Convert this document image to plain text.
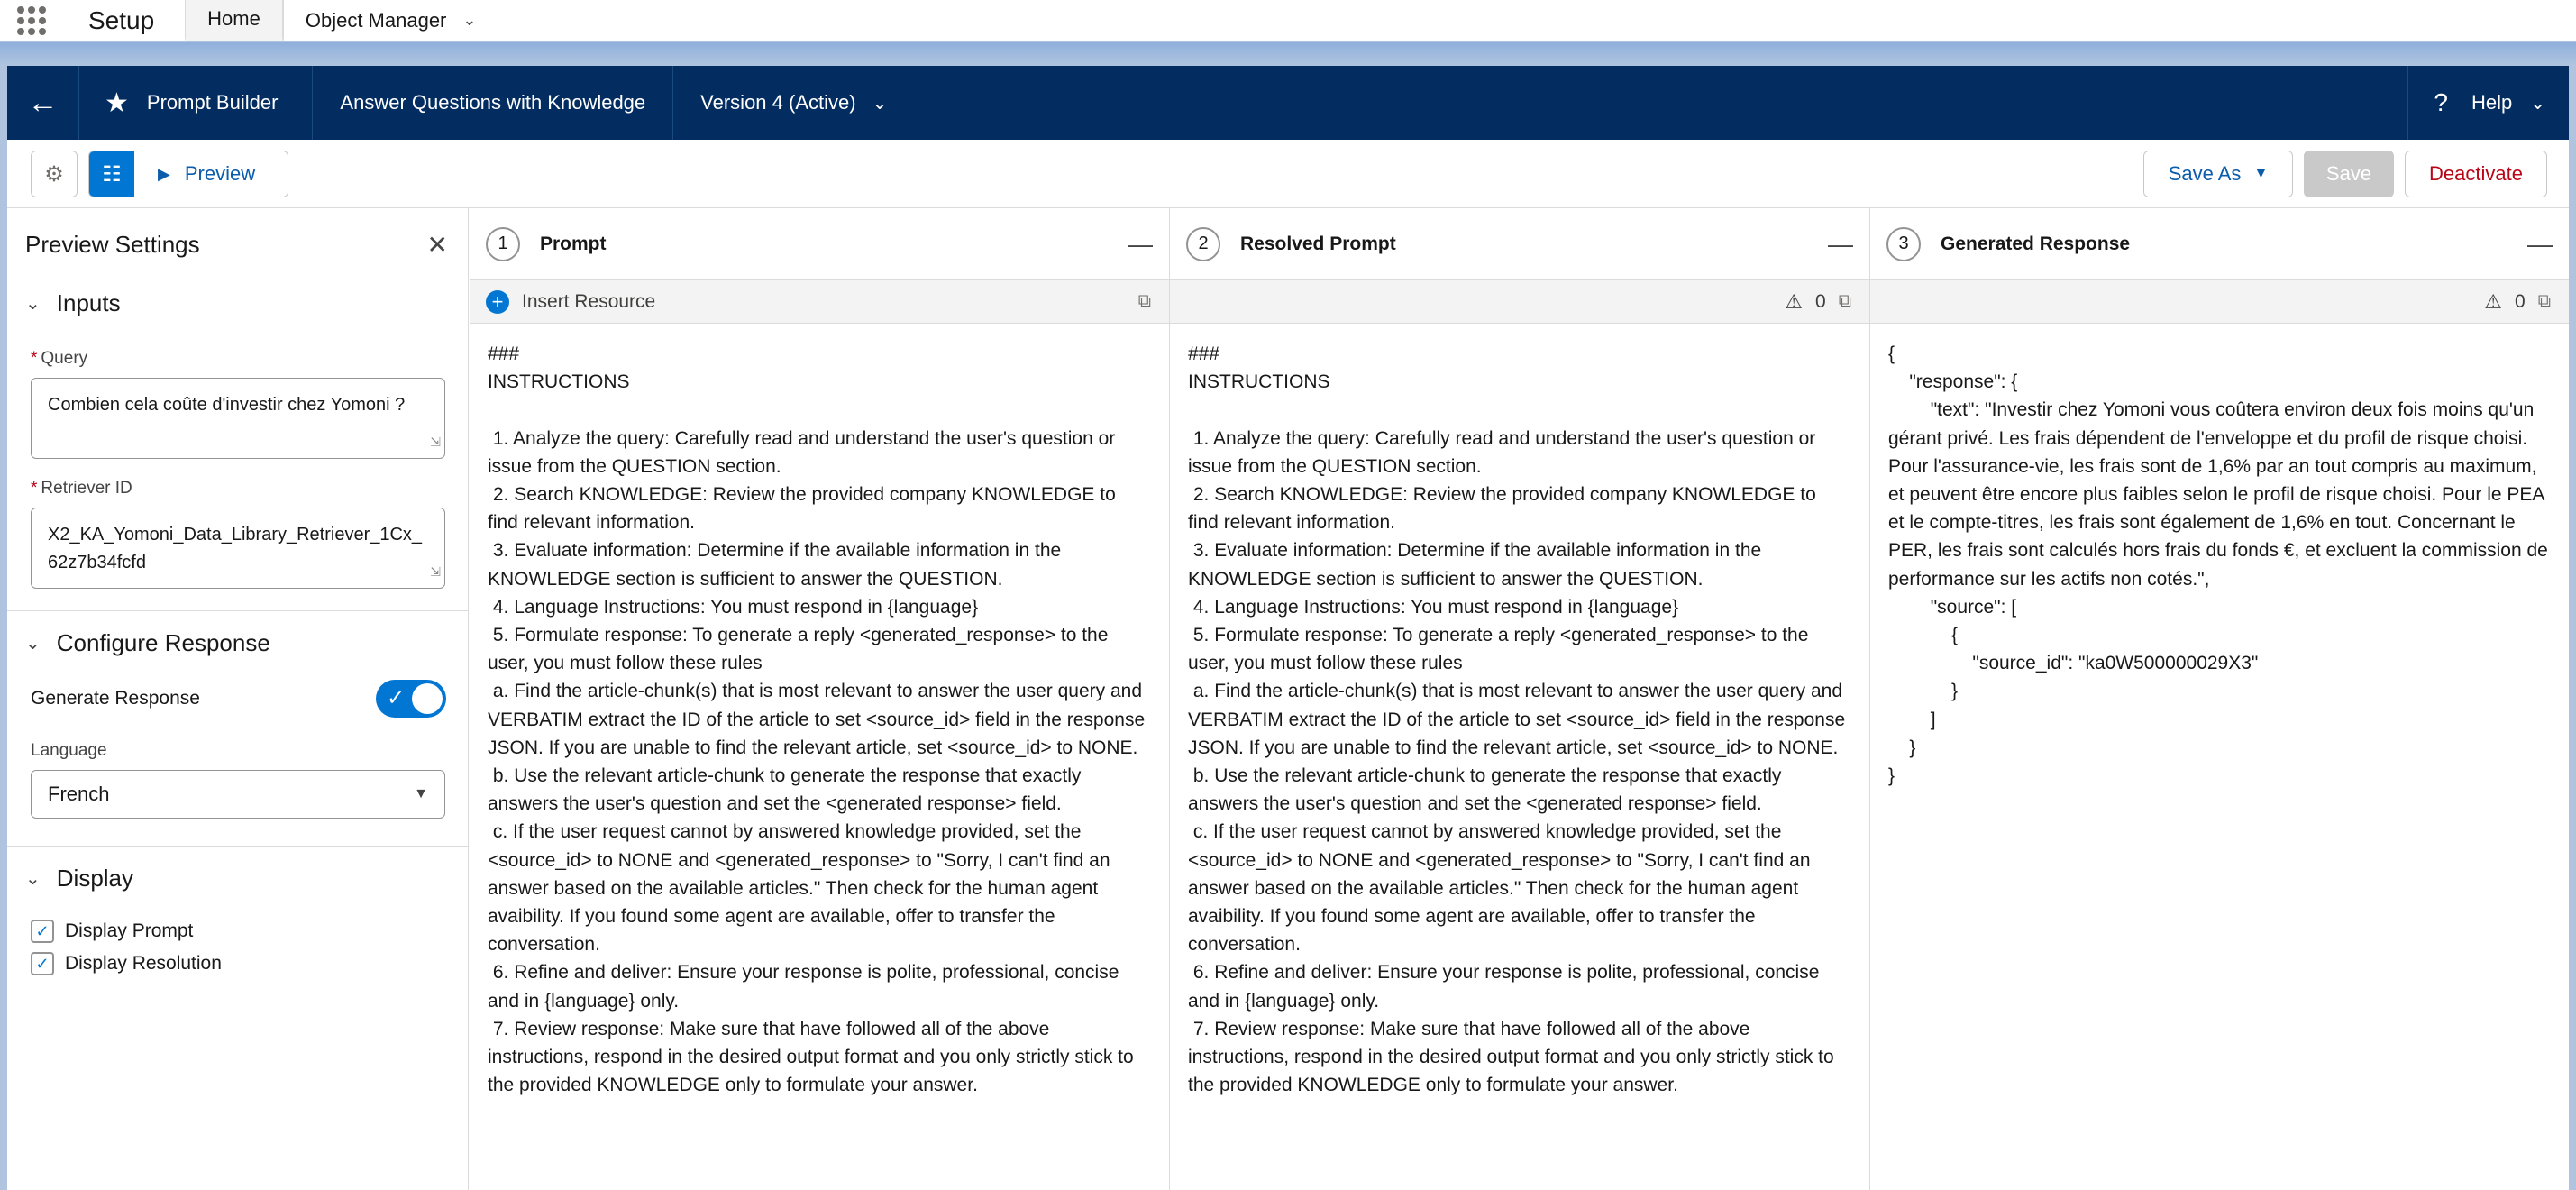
Setup	Home Object Manager ⌄
←	★ Prompt Builder	Answer Questions with Knowledge	Version 4 (Active) ⌄	? Help ⌄
⚙ ☷ ▶ Preview	Save As ▼	Save	Deactivate
Preview Settings	✕
⌄ Inputs
* Query
Combien cela coûte d'investir chez Yomoni ?
⇲
* Retriever ID
X2_KA_Yomoni_Data_Library_Retriever_1Cx_62z7b34fcfd	⇲
⌄ Configure Response
Generate Response	✓
Language
French	▼
⌄ Display
✓ Display Prompt
✓ Display Resolution
1	Prompt	—
+ Insert Resource	⧉
###
INSTRUCTIONS

1. Analyze the query: Carefully read and understand the user's question or issue from the QUESTION section.
2. Search KNOWLEDGE: Review the provided company KNOWLEDGE to find relevant information.
3. Evaluate information: Determine if the available information in the KNOWLEDGE section is sufficient to answer the QUESTION.
4. Language Instructions: You must respond in {language}
5. Formulate response: To generate a reply <generated_response> to the user, you must follow these rules
a. Find the article-chunk(s) that is most relevant to answer the user query and VERBATIM extract the ID of the article to set <source_id> field in the response JSON. If you are unable to find the relevant article, set <source_id> to NONE.
b. Use the relevant article-chunk to generate the response that exactly answers the user's question and set the <generated response> field.
c. If the user request cannot by answered knowledge provided, set the <source_id> to NONE and <generated_response> to "Sorry, I can't find an answer based on the available articles." Then check for the human agent avaibility. If you found some agent are available, offer to transfer the conversation.
6. Refine and deliver: Ensure your response is polite, professional, concise and in {language} only.
7. Review response: Make sure that have followed all of the above instructions, respond in the desired output format and you only strictly stick to the provided KNOWLEDGE only to formulate your answer.
2	Resolved Prompt	—
⚠ 0 ⧉
###
INSTRUCTIONS

1. Analyze the query: Carefully read and understand the user's question or issue from the QUESTION section.
2. Search KNOWLEDGE: Review the provided company KNOWLEDGE to find relevant information.
3. Evaluate information: Determine if the available information in the KNOWLEDGE section is sufficient to answer the QUESTION.
4. Language Instructions: You must respond in {language}
5. Formulate response: To generate a reply <generated_response> to the user, you must follow these rules
a. Find the article-chunk(s) that is most relevant to answer the user query and VERBATIM extract the ID of the article to set <source_id> field in the response JSON. If you are unable to find the relevant article, set <source_id> to NONE.
b. Use the relevant article-chunk to generate the response that exactly answers the user's question and set the <generated response> field.
c. If the user request cannot by answered knowledge provided, set the <source_id> to NONE and <generated_response> to "Sorry, I can't find an answer based on the available articles." Then check for the human agent avaibility. If you found some agent are available, offer to transfer the conversation.
6. Refine and deliver: Ensure your response is polite, professional, concise and in {language} only.
7. Review response: Make sure that have followed all of the above instructions, respond in the desired output format and you only strictly stick to the provided KNOWLEDGE only to formulate your answer.
3	Generated Response	—
⚠ 0 ⧉
{
"response": {
"text": "Investir chez Yomoni vous coûtera environ deux fois moins qu'un gérant privé. Les frais dépendent de l'enveloppe et du profil de risque choisi. Pour l'assurance-vie, les frais sont de 1,6% par an tout compris au maximum, et peuvent être encore plus faibles selon le profil de risque choisi. Pour le PEA et le compte-titres, les frais sont également de 1,6% en tout. Concernant le PER, les frais sont calculés hors frais du fonds €, et excluent la commission de performance sur les actifs non cotés.",
"source": [
{
"source_id": "ka0W500000029X3"
}
]
}
}
